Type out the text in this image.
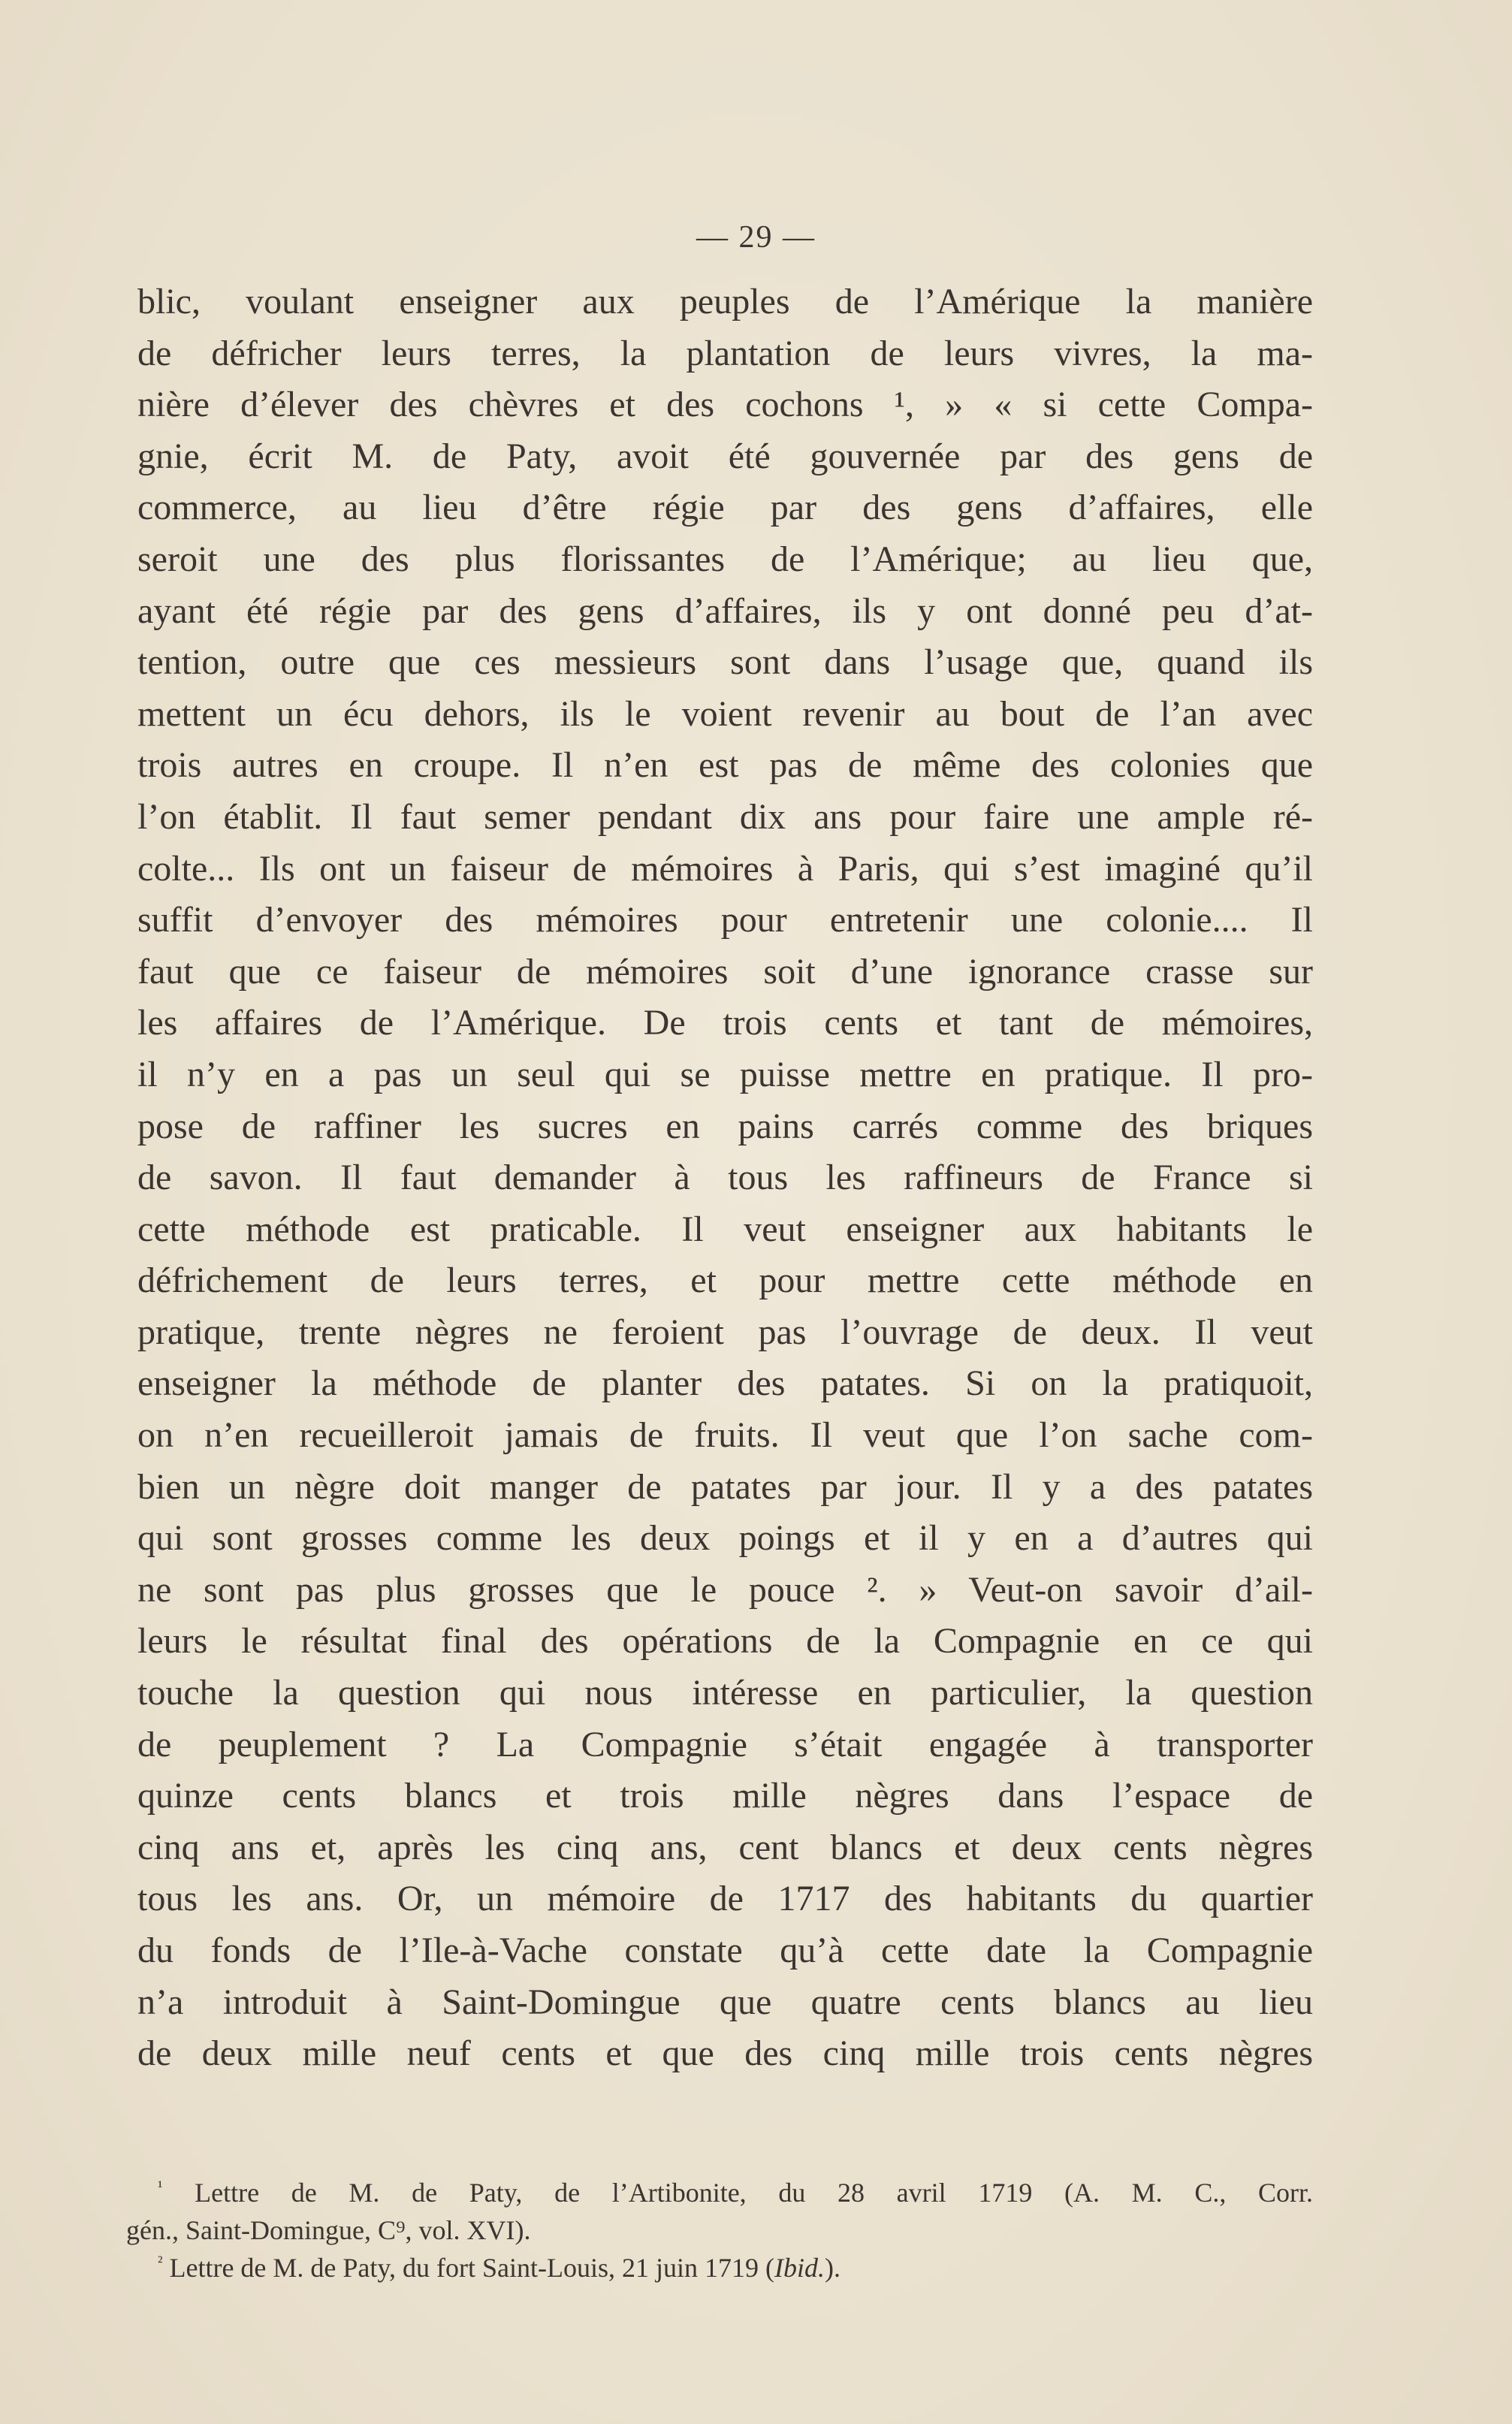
— 29 —
blic, voulant enseigner aux peuples de l’Amérique la manière
de défricher leurs terres, la plantation de leurs vivres, la ma-
nière d’élever des chèvres et des cochons ¹, » « si cette Compa-
gnie, écrit M. de Paty, avoit été gouvernée par des gens de
commerce, au lieu d’être régie par des gens d’affaires, elle
seroit une des plus florissantes de l’Amérique; au lieu que,
ayant été régie par des gens d’affaires, ils y ont donné peu d’at-
tention, outre que ces messieurs sont dans l’usage que, quand ils
mettent un écu dehors, ils le voient revenir au bout de l’an avec
trois autres en croupe. Il n’en est pas de même des colonies que
l’on établit. Il faut semer pendant dix ans pour faire une ample ré-
colte... Ils ont un faiseur de mémoires à Paris, qui s’est imaginé qu’il
suffit d’envoyer des mémoires pour entretenir une colonie.... Il
faut que ce faiseur de mémoires soit d’une ignorance crasse sur
les affaires de l’Amérique. De trois cents et tant de mémoires,
il n’y en a pas un seul qui se puisse mettre en pratique. Il pro-
pose de raffiner les sucres en pains carrés comme des briques
de savon. Il faut demander à tous les raffineurs de France si
cette méthode est praticable. Il veut enseigner aux habitants le
défrichement de leurs terres, et pour mettre cette méthode en
pratique, trente nègres ne feroient pas l’ouvrage de deux. Il veut
enseigner la méthode de planter des patates. Si on la pratiquoit,
on n’en recueilleroit jamais de fruits. Il veut que l’on sache com-
bien un nègre doit manger de patates par jour. Il y a des patates
qui sont grosses comme les deux poings et il y en a d’autres qui
ne sont pas plus grosses que le pouce ². » Veut-on savoir d’ail-
leurs le résultat final des opérations de la Compagnie en ce qui
touche la question qui nous intéresse en particulier, la question
de peuplement ? La Compagnie s’était engagée à transporter
quinze cents blancs et trois mille nègres dans l’espace de
cinq ans et, après les cinq ans, cent blancs et deux cents nègres
tous les ans. Or, un mémoire de 1717 des habitants du quartier
du fonds de l’Ile-à-Vache constate qu’à cette date la Compagnie
n’a introduit à Saint-Domingue que quatre cents blancs au lieu
de deux mille neuf cents et que des cinq mille trois cents nègres
$^{^1}$ Lettre de M. de Paty, de l’Artibonite, du 28 avril 1719 (A. M. C., Corr.
gén., Saint-Domingue, C⁹, vol. XVI).
$^{^2}$ Lettre de M. de Paty, du fort Saint-Louis, 21 juin 1719 (Ibid.).
